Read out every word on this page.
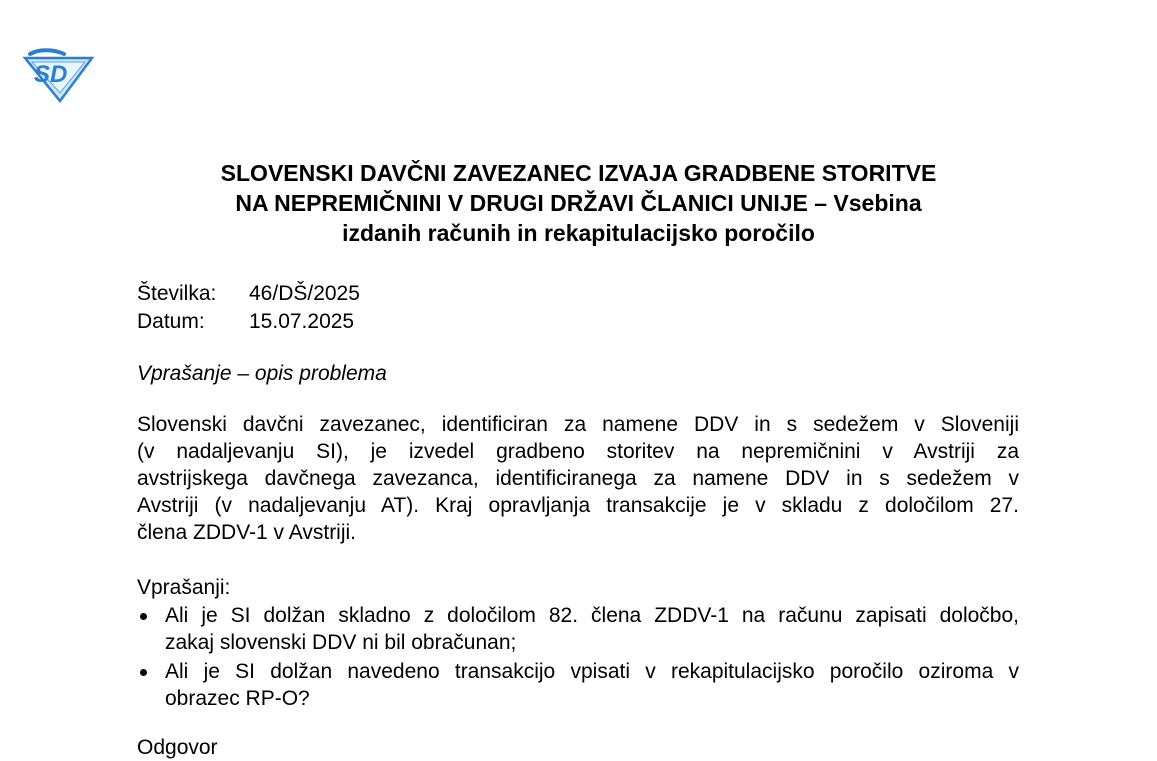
SD
SLOVENSKI DAVČNI ZAVEZANEC IZVAJA GRADBENE STORITVE
NA NEPREMIČNINI V DRUGI DRŽAVI ČLANICI UNIJE – Vsebina
izdanih računih in rekapitulacijsko poročilo
Številka:	46/DŠ/2025
Datum:	15.07.2025
Vprašanje – opis problema
Slovenski davčni zavezanec, identificiran za namene DDV in s sedežem v Sloveniji
(v nadaljevanju SI), je izvedel gradbeno storitev na nepremičnini v Avstriji za
avstrijskega davčnega zavezanca, identificiranega za namene DDV in s sedežem v
Avstriji (v nadaljevanju AT). Kraj opravljanja transakcije je v skladu z določilom 27.
člena ZDDV-1 v Avstriji.
Vprašanji:
Ali je SI dolžan skladno z določilom 82. člena ZDDV-1 na računu zapisati določbo,
zakaj slovenski DDV ni bil obračunan;
Ali je SI dolžan navedeno transakcijo vpisati v rekapitulacijsko poročilo oziroma v
obrazec RP-O?
Odgovor
